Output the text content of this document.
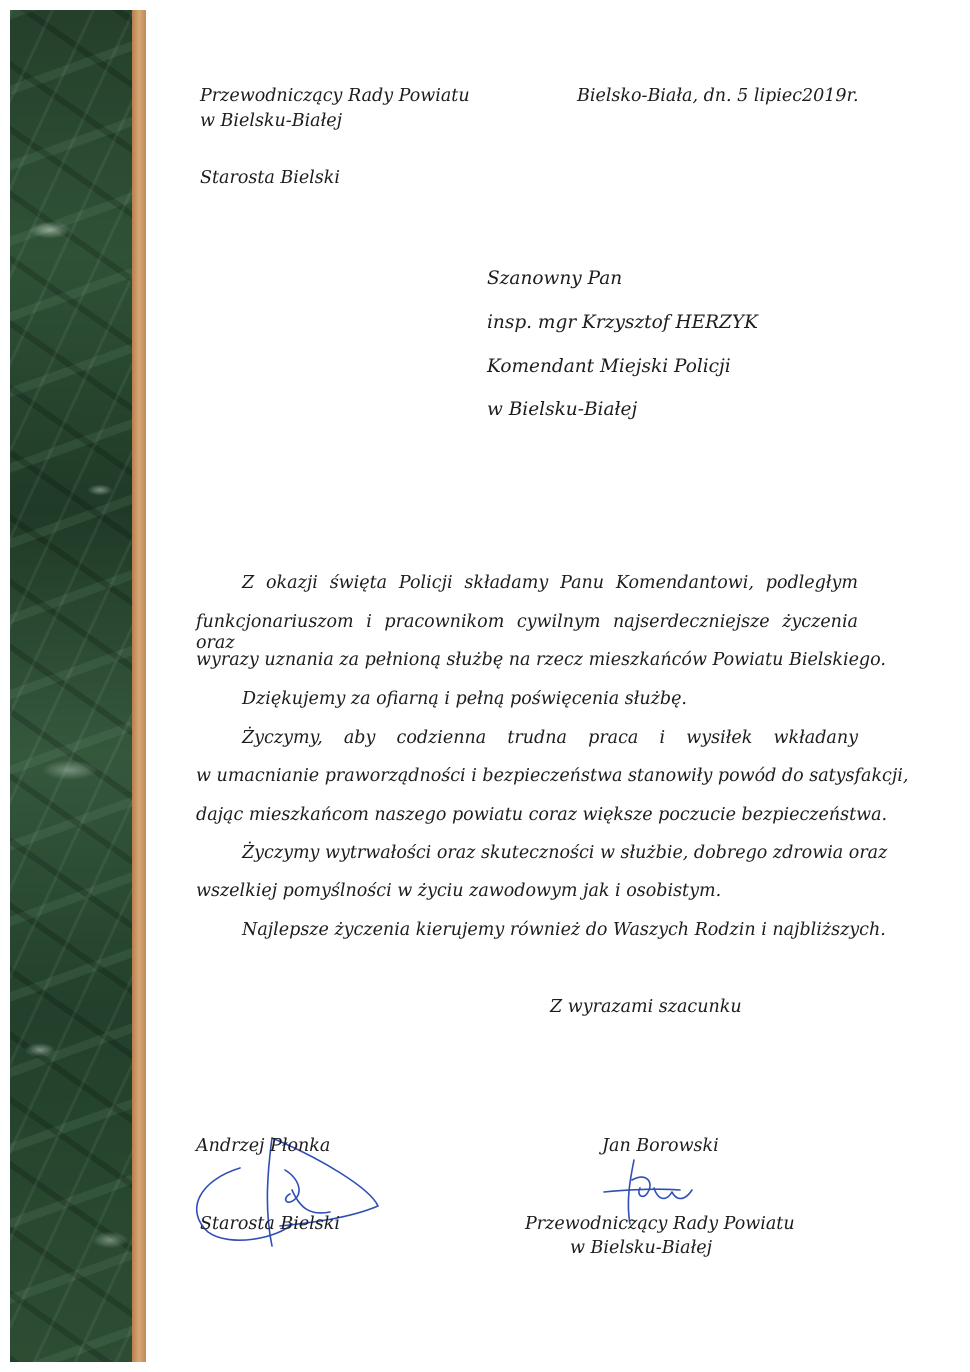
Przewodniczący Rady Powiatu

w Bielsku-Białej

Bielsko-Biała, dn. 5 lipiec2019r.

Starosta Bielski

Szanowny Pan

insp. mgr Krzysztof HERZYK

Komendant Miejski Policji

w Bielsku-Białej

Z okazji święta Policji składamy Panu Komendantowi, podległym

funkcjonariuszom i pracownikom cywilnym najserdeczniejsze życzenia oraz

wyrazy uznania za pełnioną służbę na rzecz mieszkańców Powiatu Bielskiego.

Dziękujemy za ofiarną i pełną poświęcenia służbę.

Życzymy, aby codzienna trudna praca i wysiłek wkładany

w umacnianie praworządności i bezpieczeństwa stanowiły powód do satysfakcji,

dając mieszkańcom naszego powiatu coraz większe poczucie bezpieczeństwa.

Życzymy wytrwałości oraz skuteczności w służbie, dobrego zdrowia oraz

wszelkiej pomyślności w życiu zawodowym jak i osobistym.

Najlepsze życzenia kierujemy również do Waszych Rodzin i najbliższych.

Z wyrazami szacunku

Andrzej Płonka

Starosta Bielski

Jan Borowski

Przewodniczący Rady Powiatu

w Bielsku-Białej
